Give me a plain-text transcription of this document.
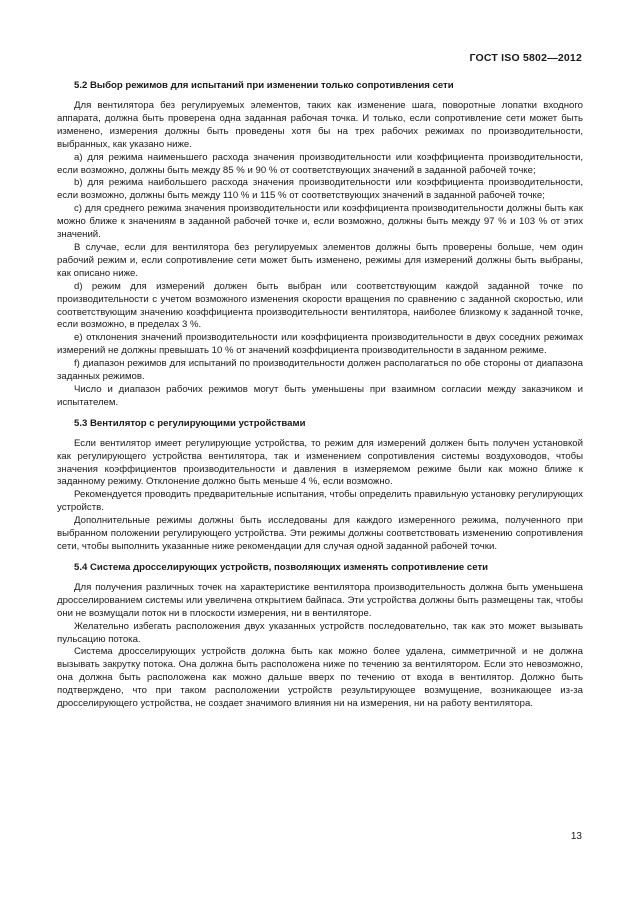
ГОСТ ISO 5802—2012
5.2 Выбор режимов для испытаний при изменении только сопротивления сети

Для вентилятора без регулируемых элементов, таких как изменение шага, поворотные лопатки входного аппарата, должна быть проверена одна заданная рабочая точка. И только, если сопротивление сети может быть изменено, измерения должны быть проведены хотя бы на трех рабочих режимах по производительности, выбранных, как указано ниже.

а) для режима наименьшего расхода значения производительности или коэффициента производительности, если возможно, должны быть между 85 % и 90 % от соответствующих значений в заданной рабочей точке;

b) для режима наибольшего расхода значения производительности или коэффициента производительности, если возможно, должны быть между 110 % и 115 % от соответствующих значений в заданной рабочей точке;

c) для среднего режима значения производительности или коэффициента производительности должны быть как можно ближе к значениям в заданной рабочей точке и, если возможно, должны быть между 97 % и 103 % от этих значений.

В случае, если для вентилятора без регулируемых элементов должны быть проверены больше, чем один рабочий режим и, если сопротивление сети может быть изменено, режимы для измерений должны быть выбраны, как описано ниже.

d) режим для измерений должен быть выбран или соответствующим каждой заданной точке по производительности с учетом возможного изменения скорости вращения по сравнению с заданной скоростью, или соответствующим значению коэффициента производительности вентилятора, наиболее близкому к заданной точке, если возможно, в пределах 3 %.

е) отклонения значений производительности или коэффициента производительности в двух соседних режимах измерений не должны превышать 10 % от значений коэффициента производительности в заданном режиме.

f) диапазон режимов для испытаний по производительности должен располагаться по обе стороны от диапазона заданных режимов.

Число и диапазон рабочих режимов могут быть уменьшены при взаимном согласии между заказчиком и испытателем.

5.3 Вентилятор с регулирующими устройствами

Если вентилятор имеет регулирующие устройства, то режим для измерений должен быть получен установкой как регулирующего устройства вентилятора, так и изменением сопротивления системы воздуховодов, чтобы значения коэффициентов производительности и давления в измеряемом режиме были как можно ближе к заданному режиму. Отклонение должно быть меньше 4 %, если возможно.

Рекомендуется проводить предварительные испытания, чтобы определить правильную установку регулирующих устройств.

Дополнительные режимы должны быть исследованы для каждого измеренного режима, полученного при выбранном положении регулирующего устройства. Эти режимы должны соответствовать изменению сопротивления сети, чтобы выполнить указанные ниже рекомендации для случая одной заданной рабочей точки.

5.4 Система дросселирующих устройств, позволяющих изменять сопротивление сети

Для получения различных точек на характеристике вентилятора производительность должна быть уменьшена дросселированием системы или увеличена открытием байпаса. Эти устройства должны быть размещены так, чтобы они не возмущали поток ни в плоскости измерения, ни в вентиляторе.

Желательно избегать расположения двух указанных устройств последовательно, так как это может вызывать пульсацию потока.

Система дросселирующих устройств должна быть как можно более удалена, симметричной и не должна вызывать закрутку потока. Она должна быть расположена ниже по течению за вентилятором. Если это невозможно, она должна быть расположена как можно дальше вверх по течению от входа в вентилятор. Должно быть подтверждено, что при таком расположении устройств результирующее возмущение, возникающее из-за дросселирующего устройства, не создает значимого влияния ни на измерения, ни на работу вентилятора.

13
